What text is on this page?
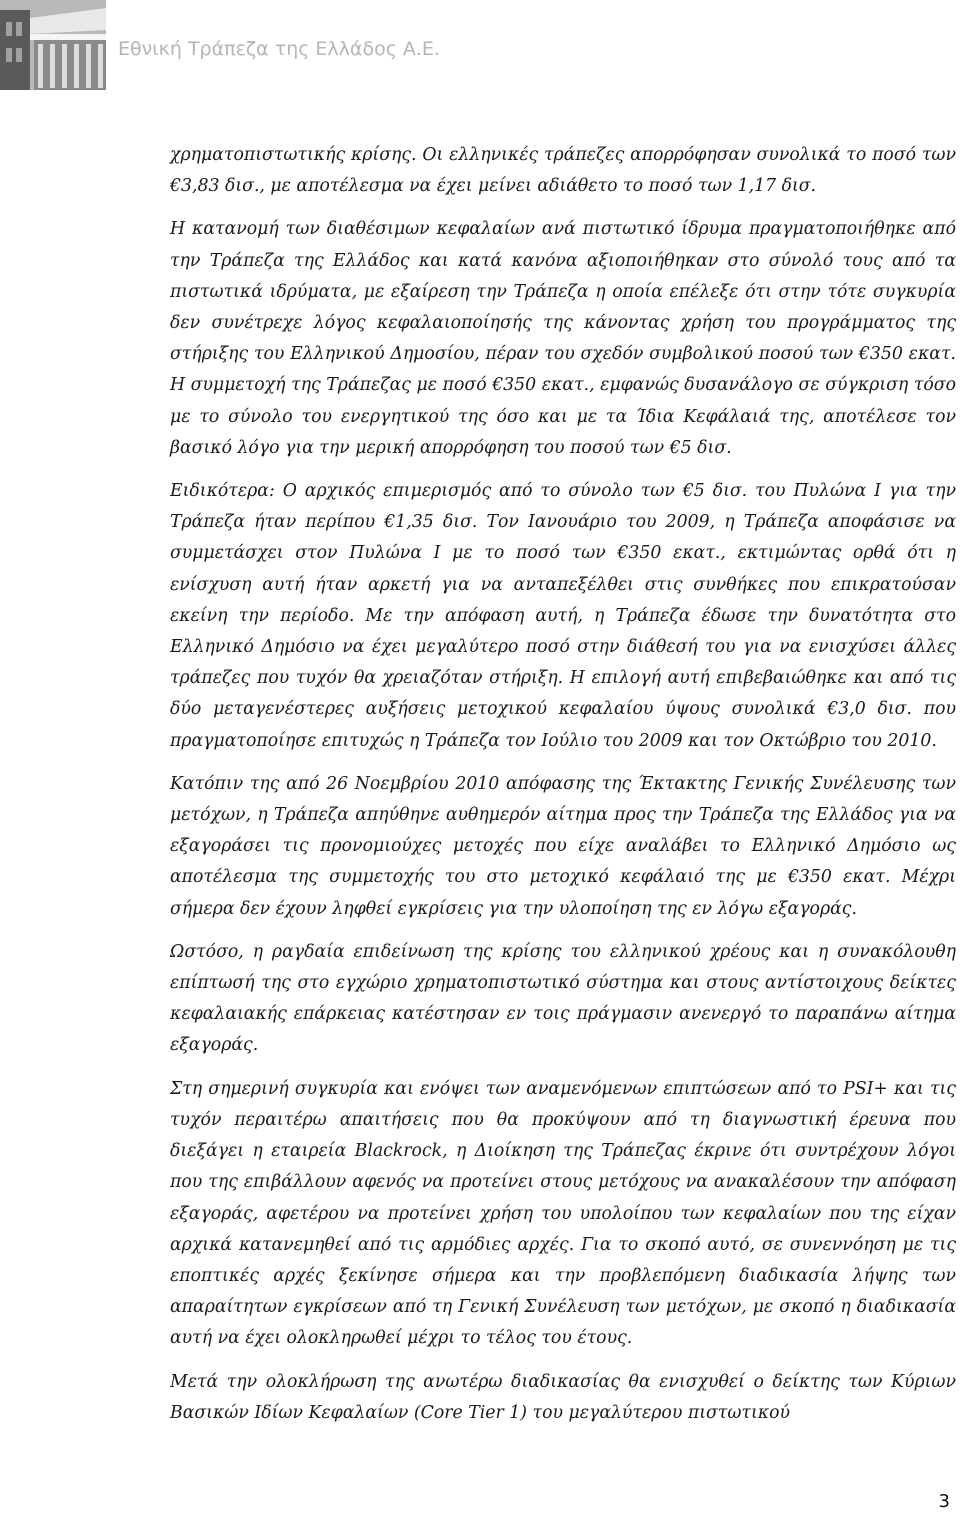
Εθνική Τράπεζα της Ελλάδος Α.Ε.

χρηματοπιστωτικής κρίσης. Οι ελληνικές τράπεζες απορρόφησαν συνολικά το ποσό των €3,83 δισ., με αποτέλεσμα να έχει μείνει αδιάθετο το ποσό των 1,17 δισ.

Η κατανομή των διαθέσιμων κεφαλαίων ανά πιστωτικό ίδρυμα πραγματοποιήθηκε από την Τράπεζα της Ελλάδος και κατά κανόνα αξιοποιήθηκαν στο σύνολό τους από τα πιστωτικά ιδρύματα, με εξαίρεση την Τράπεζα η οποία επέλεξε ότι στην τότε συγκυρία δεν συνέτρεχε λόγος κεφαλαιοποίησής της κάνοντας χρήση του προγράμματος της στήριξης του Ελληνικού Δημοσίου, πέραν του σχεδόν συμβολικού ποσού των €350 εκατ. Η συμμετοχή της Τράπεζας με ποσό €350 εκατ., εμφανώς δυσανάλογο σε σύγκριση τόσο με το σύνολο του ενεργητικού της όσο και με τα Ίδια Κεφάλαιά της, αποτέλεσε τον βασικό λόγο για την μερική απορρόφηση του ποσού των €5 δισ.

Ειδικότερα: Ο αρχικός επιμερισμός από το σύνολο των €5 δισ. του Πυλώνα Ι για την Τράπεζα ήταν περίπου €1,35 δισ. Τον Ιανουάριο του 2009, η Τράπεζα αποφάσισε να συμμετάσχει στον Πυλώνα Ι με το ποσό των €350 εκατ., εκτιμώντας ορθά ότι η ενίσχυση αυτή ήταν αρκετή για να ανταπεξέλθει στις συνθήκες που επικρατούσαν εκείνη την περίοδο. Με την απόφαση αυτή, η Τράπεζα έδωσε την δυνατότητα στο Ελληνικό Δημόσιο να έχει μεγαλύτερο ποσό στην διάθεσή του για να ενισχύσει άλλες τράπεζες που τυχόν θα χρειαζόταν στήριξη. Η επιλογή αυτή επιβεβαιώθηκε και από τις δύο μεταγενέστερες αυξήσεις μετοχικού κεφαλαίου ύψους συνολικά €3,0 δισ. που πραγματοποίησε επιτυχώς η Τράπεζα τον Ιούλιο του 2009 και τον Οκτώβριο του 2010.

Κατόπιν της από 26 Νοεμβρίου 2010 απόφασης της Έκτακτης Γενικής Συνέλευσης των μετόχων, η Τράπεζα απηύθηνε αυθημερόν αίτημα προς την Τράπεζα της Ελλάδος για να εξαγοράσει τις προνομιούχες μετοχές που είχε αναλάβει το Ελληνικό Δημόσιο ως αποτέλεσμα της συμμετοχής του στο μετοχικό κεφάλαιό της με €350 εκατ. Μέχρι σήμερα δεν έχουν ληφθεί εγκρίσεις για την υλοποίηση της εν λόγω εξαγοράς.

Ωστόσο, η ραγδαία επιδείνωση της κρίσης του ελληνικού χρέους και η συνακόλουθη επίπτωσή της στο εγχώριο χρηματοπιστωτικό σύστημα και στους αντίστοιχους δείκτες κεφαλαιακής επάρκειας κατέστησαν εν τοις πράγμασιν ανενεργό το παραπάνω αίτημα εξαγοράς.

Στη σημερινή συγκυρία και ενόψει των αναμενόμενων επιπτώσεων από το PSI+ και τις τυχόν περαιτέρω απαιτήσεις που θα προκύψουν από τη διαγνωστική έρευνα που διεξάγει η εταιρεία Blackrock, η Διοίκηση της Τράπεζας έκρινε ότι συντρέχουν λόγοι που της επιβάλλουν αφενός να προτείνει στους μετόχους να ανακαλέσουν την απόφαση εξαγοράς, αφετέρου να προτείνει χρήση του υπολοίπου των κεφαλαίων που της είχαν αρχικά κατανεμηθεί από τις αρμόδιες αρχές. Για το σκοπό αυτό, σε συνεννόηση με τις εποπτικές αρχές ξεκίνησε σήμερα και την προβλεπόμενη διαδικασία λήψης των απαραίτητων εγκρίσεων από τη Γενική Συνέλευση των μετόχων, με σκοπό η διαδικασία αυτή να έχει ολοκληρωθεί μέχρι το τέλος του έτους.

Μετά την ολοκλήρωση της ανωτέρω διαδικασίας θα ενισχυθεί ο δείκτης των Κύριων Βασικών Ιδίων Κεφαλαίων (Core Tier 1) του μεγαλύτερου πιστωτικού

3
